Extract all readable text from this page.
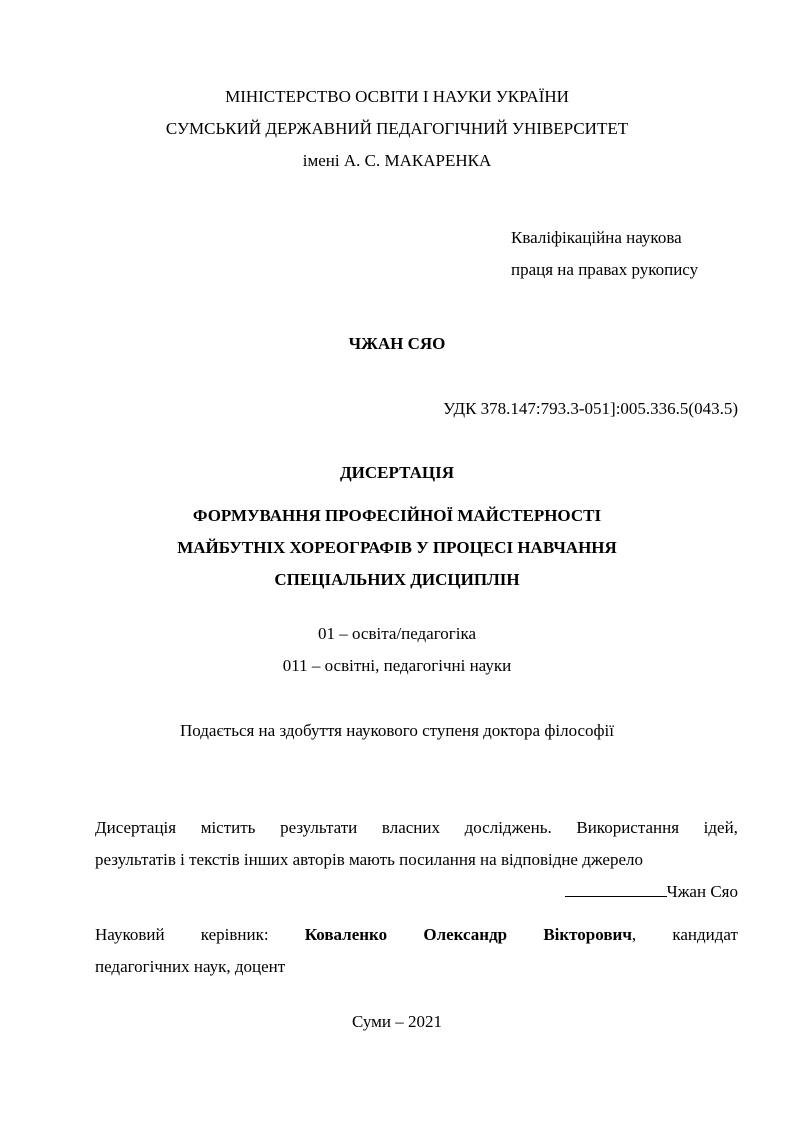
МІНІСТЕРСТВО ОСВІТИ І НАУКИ УКРАЇНИ
СУМСЬКИЙ ДЕРЖАВНИЙ ПЕДАГОГІЧНИЙ УНІВЕРСИТЕТ
імені А. С. МАКАРЕНКА
Кваліфікаційна наукова
праця на правах рукопису
ЧЖАН СЯО
УДК 378.147:793.3-051]:005.336.5(043.5)
ДИСЕРТАЦІЯ
ФОРМУВАННЯ ПРОФЕСІЙНОЇ МАЙСТЕРНОСТІ
МАЙБУТНІХ ХОРЕОГРАФІВ У ПРОЦЕСІ НАВЧАННЯ
СПЕЦІАЛЬНИХ ДИСЦИПЛІН
01 – освіта/педагогіка
011 – освітні, педагогічні науки
Подається на здобуття наукового ступеня доктора філософії
Дисертація містить результати власних досліджень. Використання ідей,
результатів і текстів інших авторів мають посилання на відповідне джерело
Чжан Сяо
Науковий керівник: Коваленко Олександр Вікторович, кандидат
педагогічних наук, доцент
Суми – 2021
